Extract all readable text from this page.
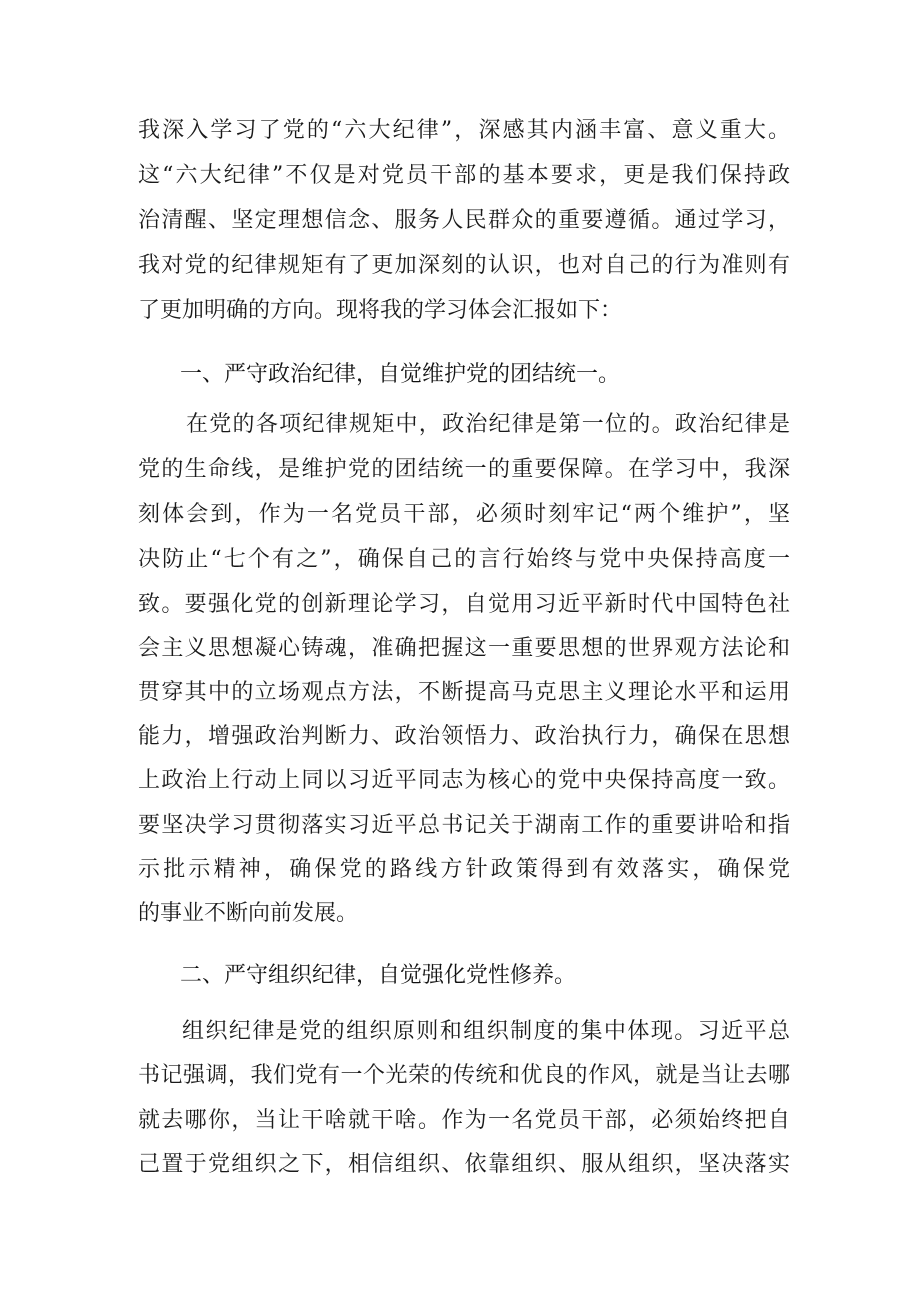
我深入学习了党的“六大纪律”，深感其内涵丰富、意义重大。
这“六大纪律”不仅是对党员干部的基本要求，更是我们保持政
治清醒、坚定理想信念、服务人民群众的重要遵循。通过学习，
我对党的纪律规矩有了更加深刻的认识，也对自己的行为准则有
了更加明确的方向。现将我的学习体会汇报如下：
一、严守政治纪律，自觉维护党的团结统一。
在党的各项纪律规矩中，政治纪律是第一位的。政治纪律是
党的生命线，是维护党的团结统一的重要保障。在学习中，我深
刻体会到，作为一名党员干部，必须时刻牢记“两个维护”，坚
决防止“七个有之”，确保自己的言行始终与党中央保持高度一
致。要强化党的创新理论学习，自觉用习近平新时代中国特色社
会主义思想凝心铸魂，准确把握这一重要思想的世界观方法论和
贯穿其中的立场观点方法，不断提高马克思主义理论水平和运用
能力，增强政治判断力、政治领悟力、政治执行力，确保在思想
上政治上行动上同以习近平同志为核心的党中央保持高度一致。
要坚决学习贯彻落实习近平总书记关于湖南工作的重要讲哈和指
示批示精神，确保党的路线方针政策得到有效落实，确保党
的事业不断向前发展。
二、严守组织纪律，自觉强化党性修养。
组织纪律是党的组织原则和组织制度的集中体现。习近平总
书记强调，我们党有一个光荣的传统和优良的作风，就是当让去哪
就去哪你，当让干啥就干啥。作为一名党员干部，必须始终把自
己置于党组织之下，相信组织、依靠组织、服从组织，坚决落实
